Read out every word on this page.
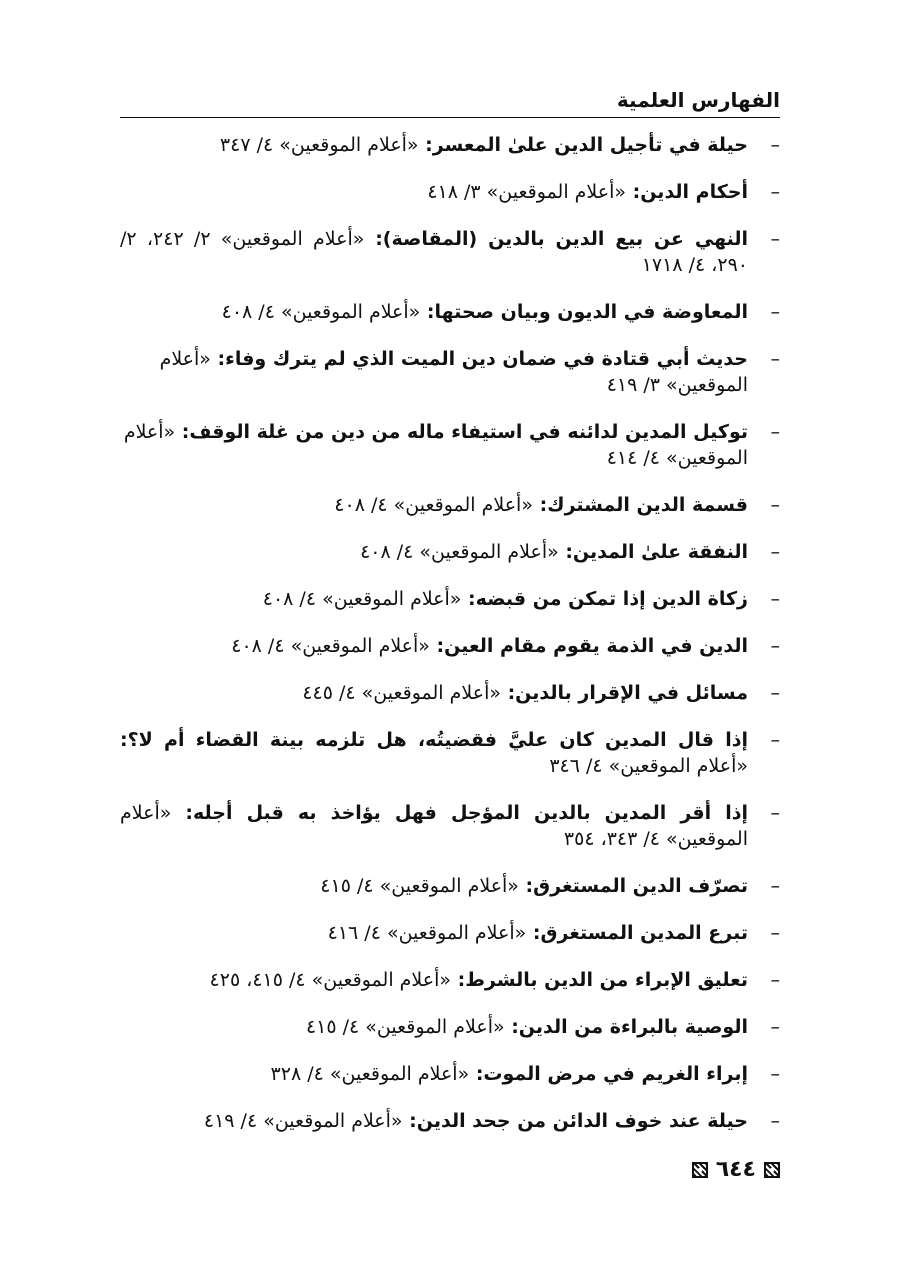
الفهارس العلمية
–
حيلة في تأجيل الدين علىٰ المعسر: «أعلام الموقعين» ٤/ ٣٤٧
–
أحكام الدين: «أعلام الموقعين» ٣/ ٤١٨
–
النهي عن بيع الدين بالدين (المقاصة): «أعلام الموقعين» ٢/ ٢٤٢، ٢/ ٢٩٠، ٤/ ١٧١٨
–
المعاوضة في الديون وبيان صحتها: «أعلام الموقعين» ٤/ ٤٠٨
–
حديث أبي قتادة في ضمان دين الميت الذي لم يترك وفاء: «أعلام الموقعين» ٣/ ٤١٩
–
توكيل المدين لدائنه في استيفاء ماله من دين من غلة الوقف: «أعلام الموقعين» ٤/ ٤١٤
–
قسمة الدين المشترك: «أعلام الموقعين» ٤/ ٤٠٨
–
النفقة علىٰ المدين: «أعلام الموقعين» ٤/ ٤٠٨
–
زكاة الدين إذا تمكن من قبضه: «أعلام الموقعين» ٤/ ٤٠٨
–
الدين في الذمة يقوم مقام العين: «أعلام الموقعين» ٤/ ٤٠٨
–
مسائل في الإقرار بالدين: «أعلام الموقعين» ٤/ ٤٤٥
–
إذا قال المدين كان عليَّ فقضيتُه، هل تلزمه بينة القضاء أم لا؟: «أعلام الموقعين» ٤/ ٣٤٦
–
إذا أقر المدين بالدين المؤجل فهل يؤاخذ به قبل أجله: «أعلام الموقعين» ٤/ ٣٤٣، ٣٥٤
–
تصرّف الدين المستغرق: «أعلام الموقعين» ٤/ ٤١٥
–
تبرع المدين المستغرق: «أعلام الموقعين» ٤/ ٤١٦
–
تعليق الإبراء من الدين بالشرط: «أعلام الموقعين» ٤/ ٤١٥، ٤٢٥
–
الوصية بالبراءة من الدين: «أعلام الموقعين» ٤/ ٤١٥
–
إبراء الغريم في مرض الموت: «أعلام الموقعين» ٤/ ٣٢٨
–
حيلة عند خوف الدائن من جحد الدين: «أعلام الموقعين» ٤/ ٤١٩
٦٤٤
